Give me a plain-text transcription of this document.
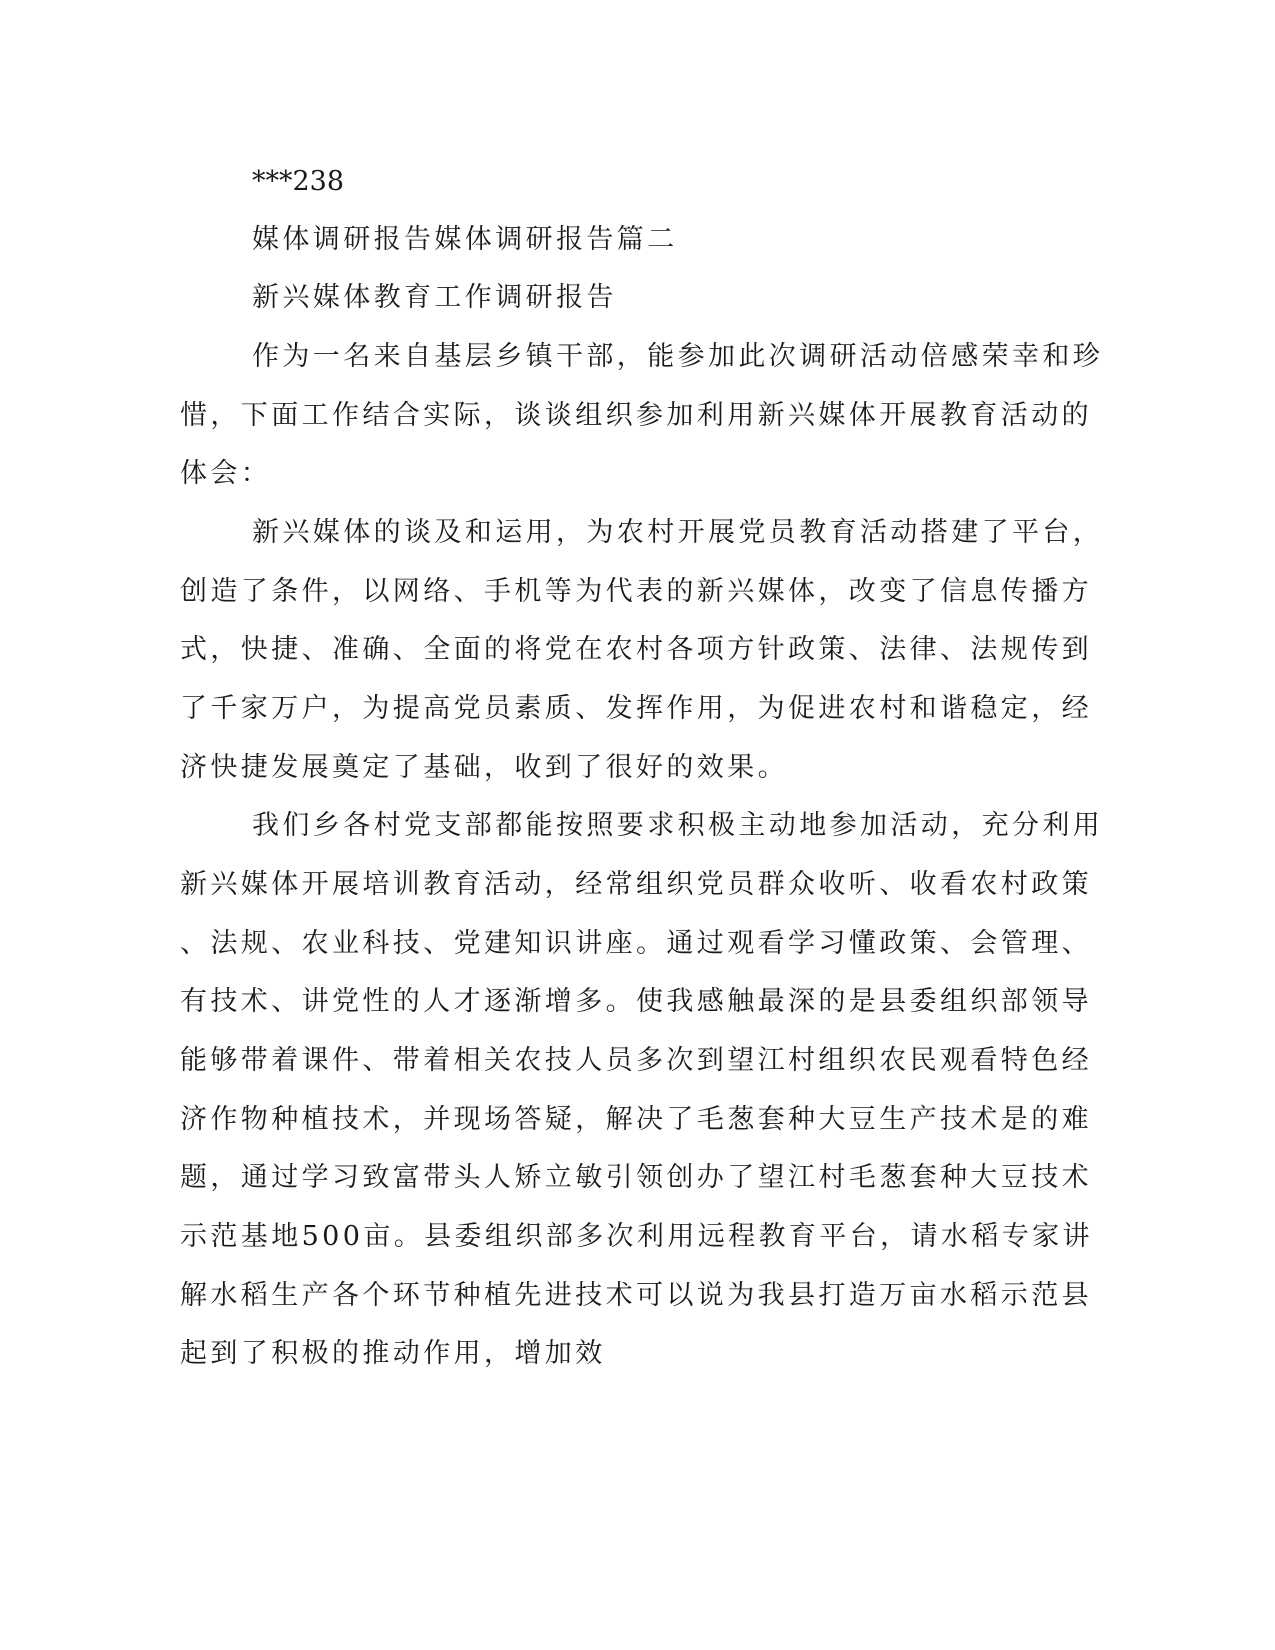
***238
媒体调研报告媒体调研报告篇二
新兴媒体教育工作调研报告
作为一名来自基层乡镇干部，能参加此次调研活动倍感荣幸和珍
惜，下面工作结合实际，谈谈组织参加利用新兴媒体开展教育活动的
体会：
新兴媒体的谈及和运用，为农村开展党员教育活动搭建了平台，
创造了条件，以网络、手机等为代表的新兴媒体，改变了信息传播方
式，快捷、准确、全面的将党在农村各项方针政策、法律、法规传到
了千家万户，为提高党员素质、发挥作用，为促进农村和谐稳定，经
济快捷发展奠定了基础，收到了很好的效果。
我们乡各村党支部都能按照要求积极主动地参加活动，充分利用
新兴媒体开展培训教育活动，经常组织党员群众收听、收看农村政策
、法规、农业科技、党建知识讲座。通过观看学习懂政策、会管理、
有技术、讲党性的人才逐渐增多。使我感触最深的是县委组织部领导
能够带着课件、带着相关农技人员多次到望江村组织农民观看特色经
济作物种植技术，并现场答疑，解决了毛葱套种大豆生产技术是的难
题，通过学习致富带头人矫立敏引领创办了望江村毛葱套种大豆技术
示范基地500亩。县委组织部多次利用远程教育平台，请水稻专家讲
解水稻生产各个环节种植先进技术可以说为我县打造万亩水稻示范县
起到了积极的推动作用，增加效
